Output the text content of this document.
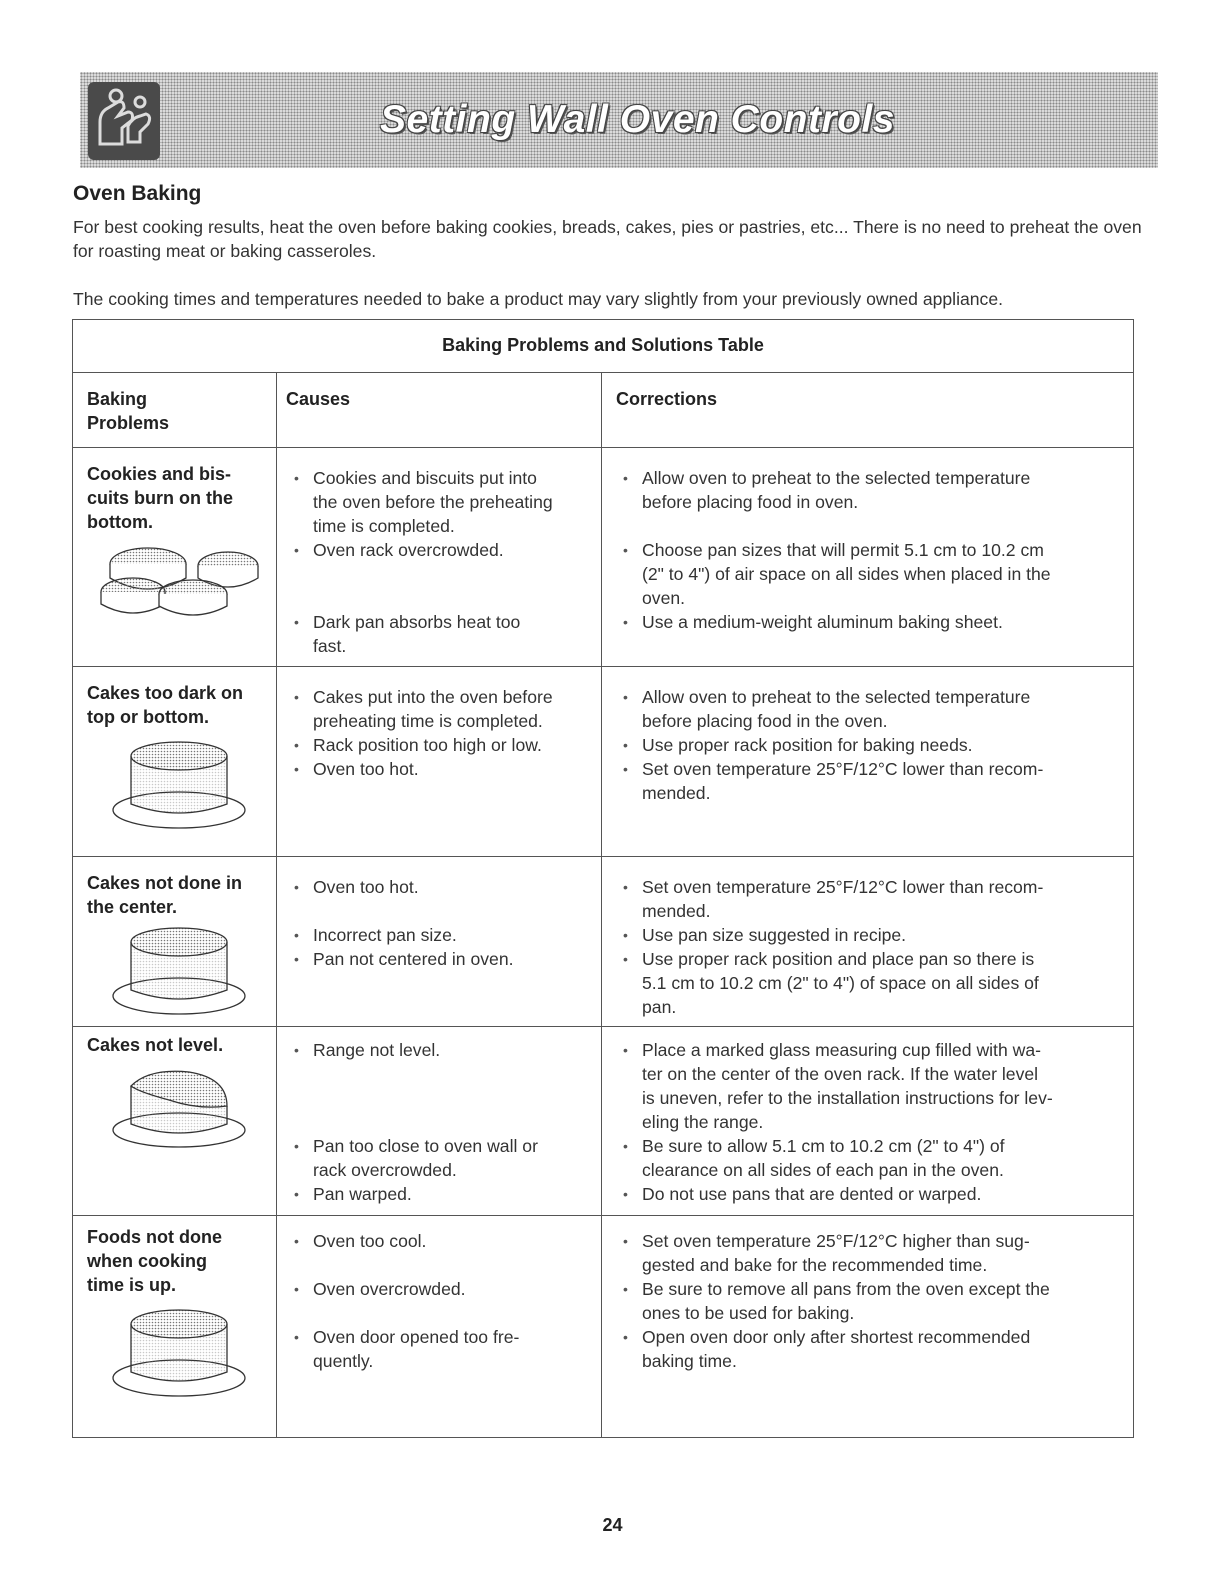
Setting Wall Oven Controls
Oven Baking
For best cooking results, heat the oven before baking cookies, breads, cakes, pies or pastries, etc... There is no need to preheat the oven for roasting meat or baking casseroles.
The cooking times and temperatures needed to bake a product may vary slightly from your previously owned appliance.
Baking Problems and Solutions Table
Baking
Problems
Causes	Corrections
Cookies and bis-
cuits burn on the
bottom.
• Cookies and biscuits put into
the oven before the preheating
time is completed.
• Oven rack overcrowded.
• Dark pan absorbs heat too
fast.
• Allow oven to preheat to the selected temperature
before placing food in oven.
• Choose pan sizes that will permit 5.1 cm to 10.2 cm
(2" to 4") of air space on all sides when placed in the
oven.
• Use a medium-weight aluminum baking sheet.
Cakes too dark on
top or bottom.
• Cakes put into the oven before
preheating time is completed.
• Rack position too high or low.
• Oven too hot.
• Allow oven to preheat to the selected temperature
before placing food in the oven.
• Use proper rack position for baking needs.
• Set oven temperature 25°F/12°C lower than recom-
mended.
Cakes not done in
the center.
• Oven too hot.
• Incorrect pan size.
• Pan not centered in oven.
• Set oven temperature 25°F/12°C lower than recom-
mended.
• Use pan size suggested in recipe.
• Use proper rack position and place pan so there is
5.1 cm to 10.2 cm (2" to 4") of space on all sides of
pan.
Cakes not level.
•	Range not level.
• Pan too close to oven wall or
rack overcrowded.
• Pan warped.
• Place a marked glass measuring cup filled with wa-
ter on the center of the oven rack. If the water level
is uneven, refer to the installation instructions for lev-
eling the range.
• Be sure to allow 5.1 cm to 10.2 cm (2" to 4") of
clearance on all sides of each pan in the oven.
• Do not use pans that are dented or warped.
Foods not done
when cooking
time is up.
• Oven too cool.
• Oven overcrowded.
• Oven door opened too fre-
quently.
• Set oven temperature 25°F/12°C higher than sug-
gested and bake for the recommended time.
• Be sure to remove all pans from the oven except the
ones to be used for baking.
• Open oven door only after shortest recommended
baking time.
24
